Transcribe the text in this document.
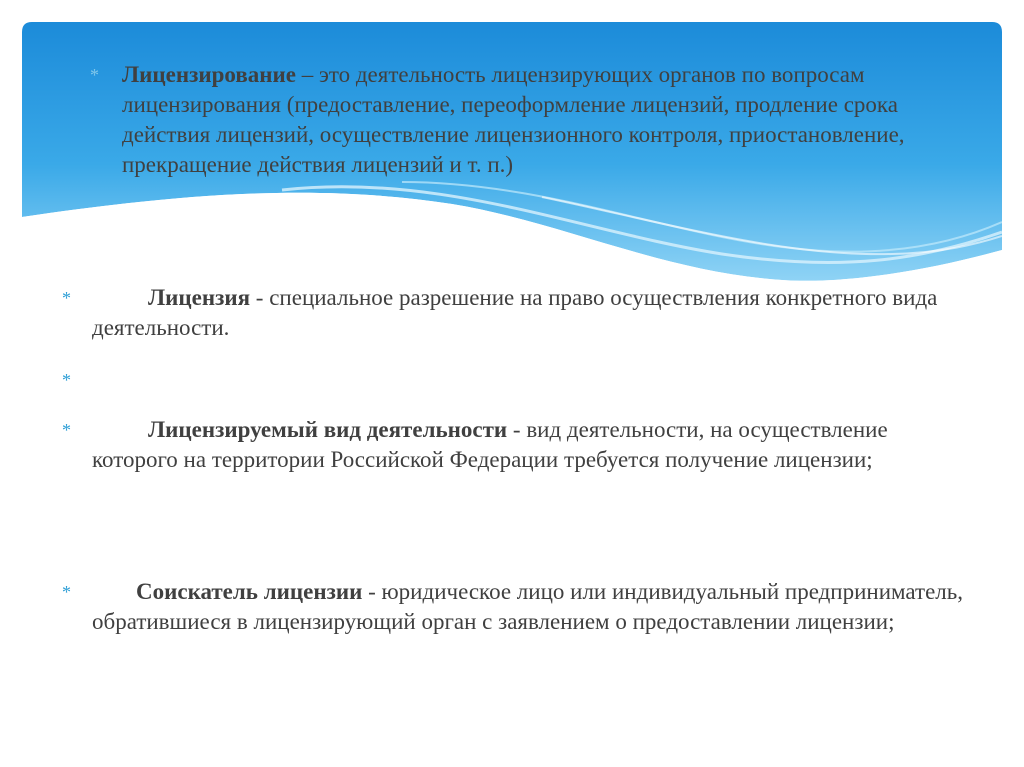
*	Лицензирование – это деятельность лицензирующих органов по вопросам лицензирования (предоставление, переоформление лицензий, продление срока действия лицензий, осуществление лицензионного контроля, приостановление, прекращение действия лицензий и т. п.)
*	Лицензия - специальное разрешение на право осуществления конкретного вида деятельности.
*
*	Лицензируемый вид деятельности - вид деятельности, на осуществление которого на территории Российской Федерации требуется получение лицензии;
*	Соискатель лицензии - юридическое лицо или индивидуальный предприниматель, обратившиеся в лицензирующий орган с заявлением о предоставлении лицензии;
